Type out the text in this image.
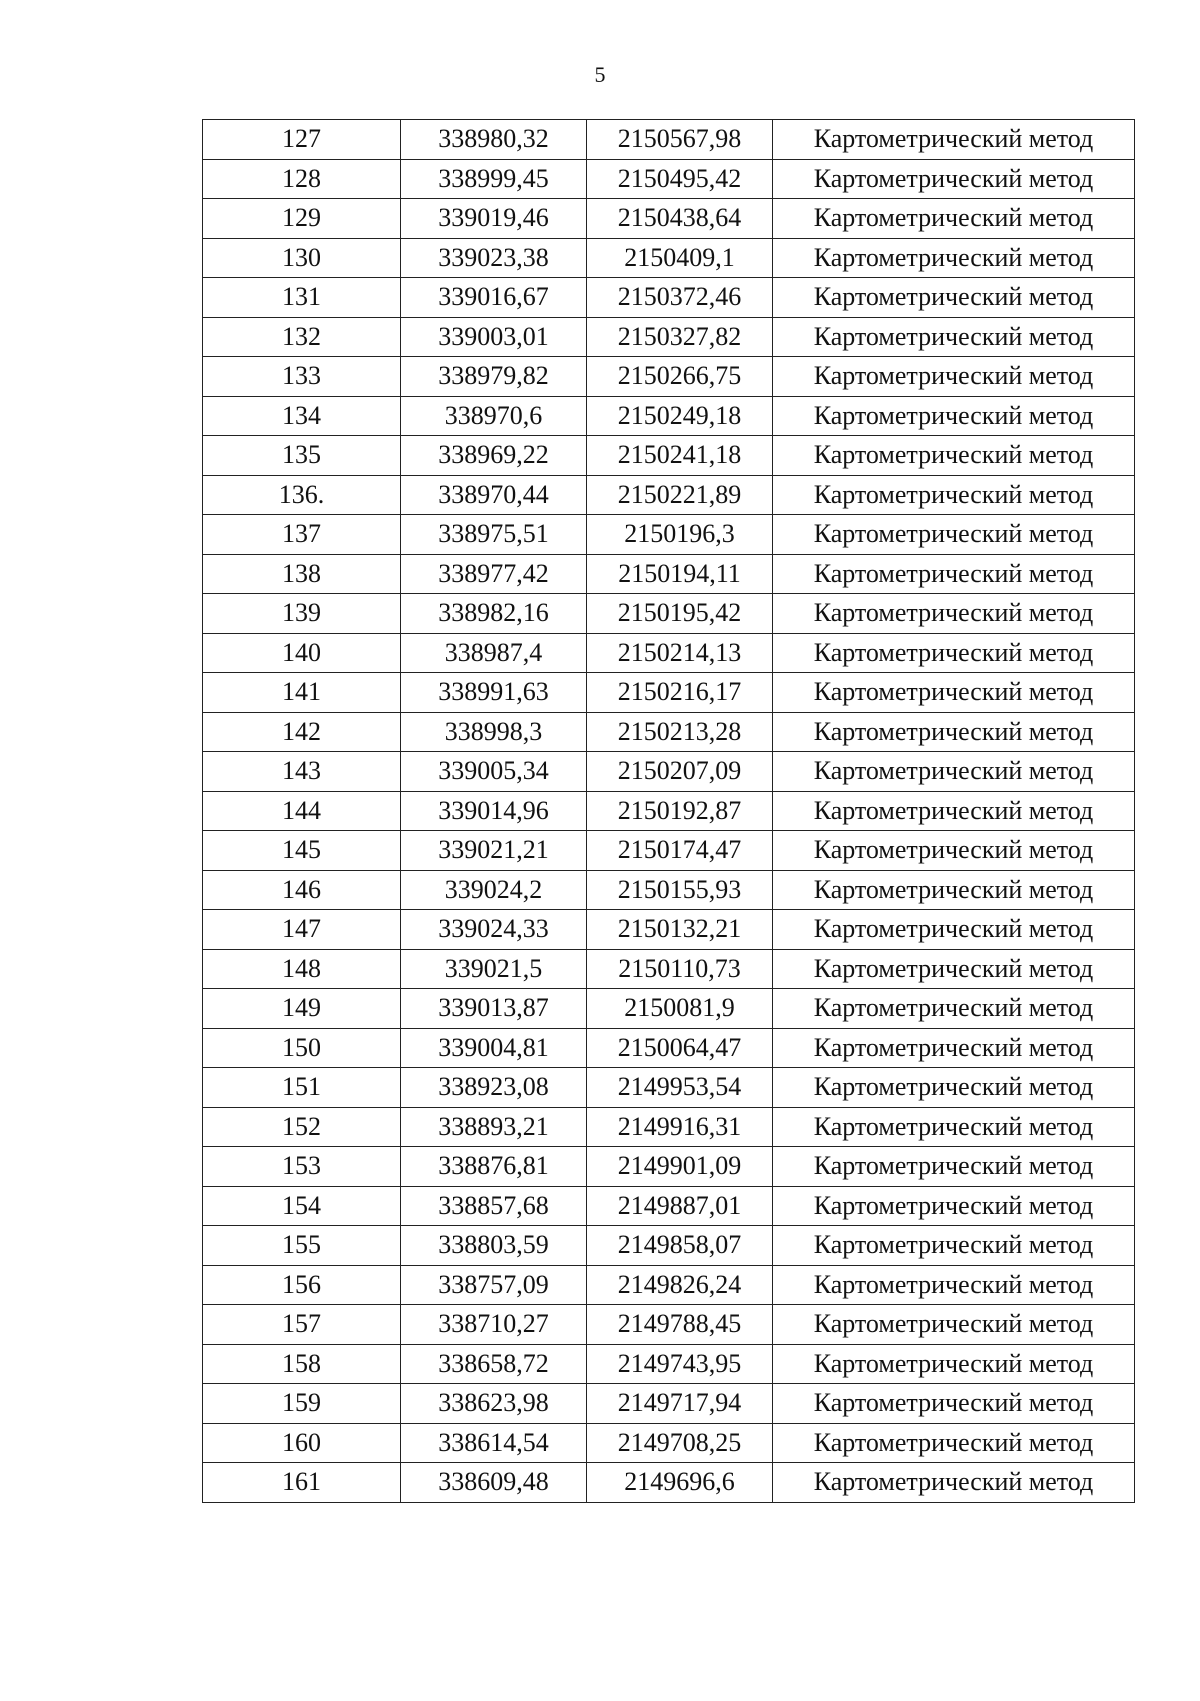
5
127	338980,32	2150567,98	Картометрический метод
128	338999,45	2150495,42	Картометрический метод
129	339019,46	2150438,64	Картометрический метод
130	339023,38	2150409,1	Картометрический метод
131	339016,67	2150372,46	Картометрический метод
132	339003,01	2150327,82	Картометрический метод
133	338979,82	2150266,75	Картометрический метод
134	338970,6	2150249,18	Картометрический метод
135	338969,22	2150241,18	Картометрический метод
136.	338970,44	2150221,89	Картометрический метод
137	338975,51	2150196,3	Картометрический метод
138	338977,42	2150194,11	Картометрический метод
139	338982,16	2150195,42	Картометрический метод
140	338987,4	2150214,13	Картометрический метод
141	338991,63	2150216,17	Картометрический метод
142	338998,3	2150213,28	Картометрический метод
143	339005,34	2150207,09	Картометрический метод
144	339014,96	2150192,87	Картометрический метод
145	339021,21	2150174,47	Картометрический метод
146	339024,2	2150155,93	Картометрический метод
147	339024,33	2150132,21	Картометрический метод
148	339021,5	2150110,73	Картометрический метод
149	339013,87	2150081,9	Картометрический метод
150	339004,81	2150064,47	Картометрический метод
151	338923,08	2149953,54	Картометрический метод
152	338893,21	2149916,31	Картометрический метод
153	338876,81	2149901,09	Картометрический метод
154	338857,68	2149887,01	Картометрический метод
155	338803,59	2149858,07	Картометрический метод
156	338757,09	2149826,24	Картометрический метод
157	338710,27	2149788,45	Картометрический метод
158	338658,72	2149743,95	Картометрический метод
159	338623,98	2149717,94	Картометрический метод
160	338614,54	2149708,25	Картометрический метод
161	338609,48	2149696,6	Картометрический метод
